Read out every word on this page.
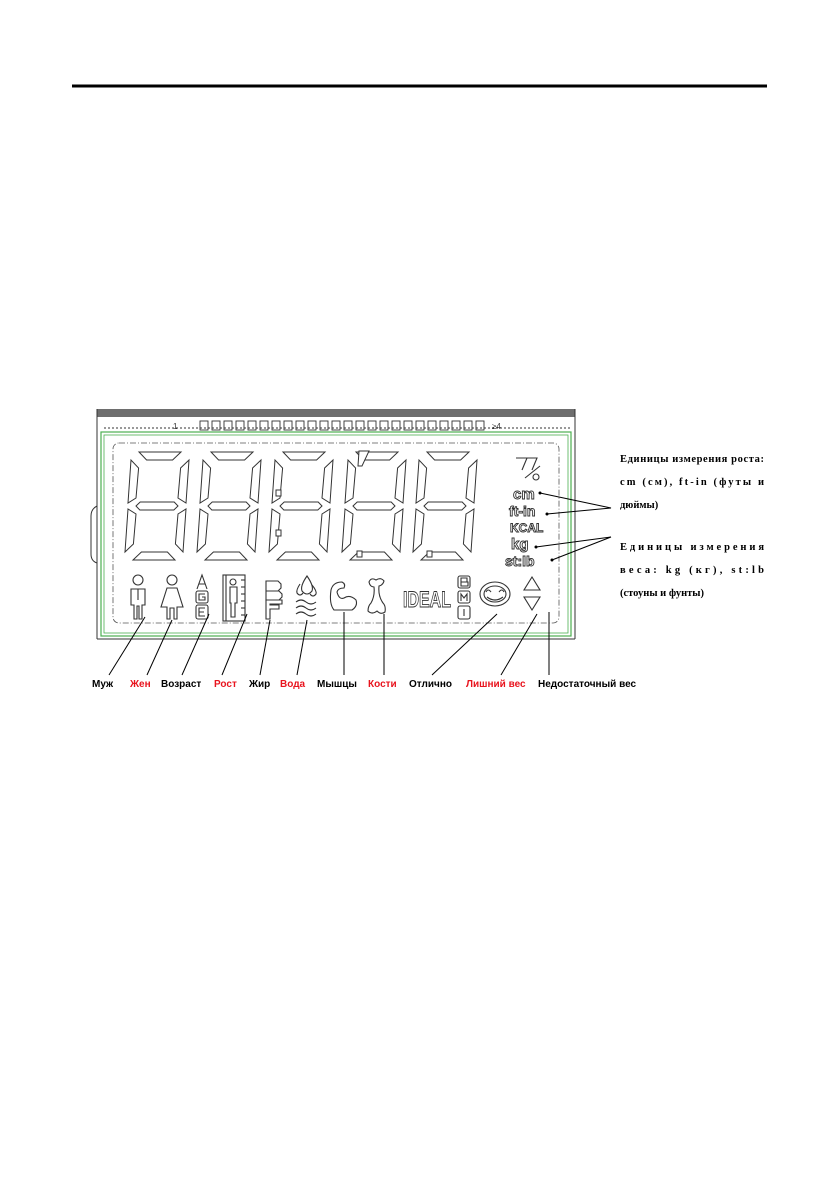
1	≥4
cm
ft-in
KCAL
kg
st:lb
IDEAL
Муж Жен Возраст Рост Жир Вода Мышцы Кости Отлично Лишний вес Недостаточный вес
Единицы измерения роста:
cm (см), ft-in (футы и
дюймы)
Единицы измерения
веса: kg (кг), st:lb
(стоуны и фунты)
